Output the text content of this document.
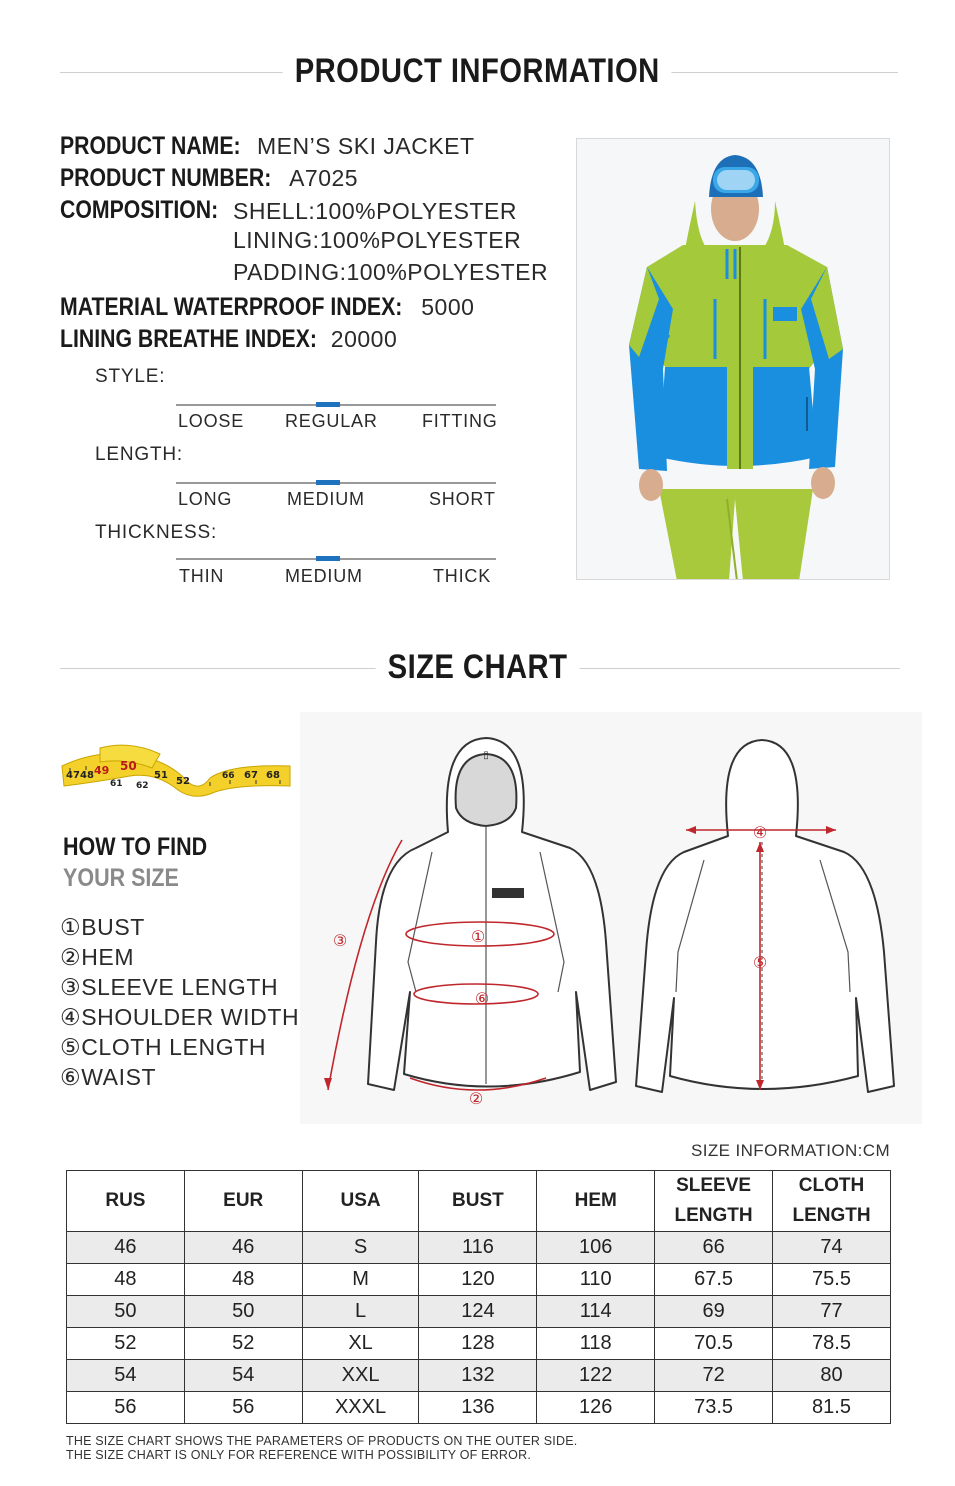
PRODUCT INFORMATION
PRODUCT NAME: MEN’S SKI JACKET
PRODUCT NUMBER: A7025
COMPOSITION: SHELL:100%POLYESTER
LINING:100%POLYESTER
PADDING:100%POLYESTER
MATERIAL WATERPROOF INDEX: 5000
LINING BREATHE INDEX: 20000
STYLE:
LOOSE REGULAR FITTING
LENGTH:
LONG	MEDIUM	SHORT
THICKNESS:
THIN	MEDIUM	THICK
SIZE CHART
47 48 49 50
51
52	66 67 68
61 62
HOW TO FIND
YOUR SIZE
①BUST
②HEM
③SLEEVE LENGTH
④SHOULDER WIDTH
⑤CLOTH LENGTH
⑥WAIST
▯
①
②
③
④
⑤
⑥
SIZE INFORMATION:CM
RUS	EUR	USA	BUST	HEM	SLEEVE
LENGTH	CLOTH
LENGTH
46	46	S	116	106	66	74
48	48	M	120	110	67.5	75.5
50	50	L	124	114	69	77
52	52	XL	128	118	70.5	78.5
54	54	XXL	132	122	72	80
56	56	XXXL	136	126	73.5	81.5
THE SIZE CHART SHOWS THE PARAMETERS OF PRODUCTS ON THE OUTER SIDE.
THE SIZE CHART IS ONLY FOR REFERENCE WITH POSSIBILITY OF ERROR.
